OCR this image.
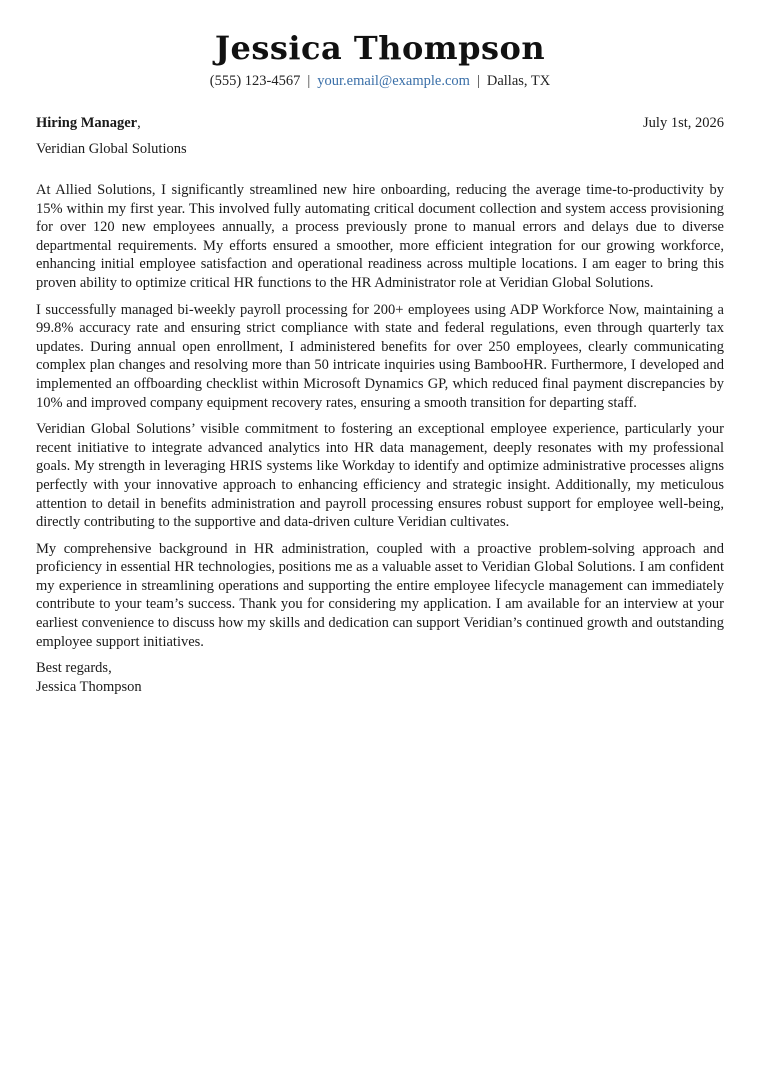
Jessica Thompson
(555) 123-4567 | your.email@example.com | Dallas, TX
Hiring Manager,	July 1st, 2026
Veridian Global Solutions

At Allied Solutions, I significantly streamlined new hire onboarding, reducing the average time-to-productivity by 15% within my first year. This involved fully automating critical document collection and system access provisioning for over 120 new employees annually, a process previously prone to manual errors and delays due to diverse departmental requirements. My efforts ensured a smoother, more efficient integration for our growing workforce, enhancing initial employee satisfaction and operational readiness across multiple locations. I am eager to bring this proven ability to optimize critical HR functions to the HR Administrator role at Veridian Global Solutions.

I successfully managed bi-weekly payroll processing for 200+ employees using ADP Workforce Now, maintaining a 99.8% accuracy rate and ensuring strict compliance with state and federal regulations, even through quarterly tax updates. During annual open enrollment, I administered benefits for over 250 employees, clearly communicating complex plan changes and resolving more than 50 intricate inquiries using BambooHR. Furthermore, I developed and implemented an offboarding checklist within Microsoft Dynamics GP, which reduced final payment discrepancies by 10% and improved company equipment recovery rates, ensuring a smooth transition for departing staff.

Veridian Global Solutions’ visible commitment to fostering an exceptional employee experience, particularly your recent initiative to integrate advanced analytics into HR data management, deeply resonates with my professional goals. My strength in leveraging HRIS systems like Workday to identify and optimize administrative processes aligns perfectly with your innovative approach to enhancing efficiency and strategic insight. Additionally, my meticulous attention to detail in benefits administration and payroll processing ensures robust support for employee well-being, directly contributing to the supportive and data-driven culture Veridian cultivates.

My comprehensive background in HR administration, coupled with a proactive problem-solving approach and proficiency in essential HR technologies, positions me as a valuable asset to Veridian Global Solutions. I am confident my experience in streamlining operations and supporting the entire employee lifecycle management can immediately contribute to your team’s success. Thank you for considering my application. I am available for an interview at your earliest convenience to discuss how my skills and dedication can support Veridian’s continued growth and outstanding employee support initiatives.

Best regards,
Jessica Thompson
